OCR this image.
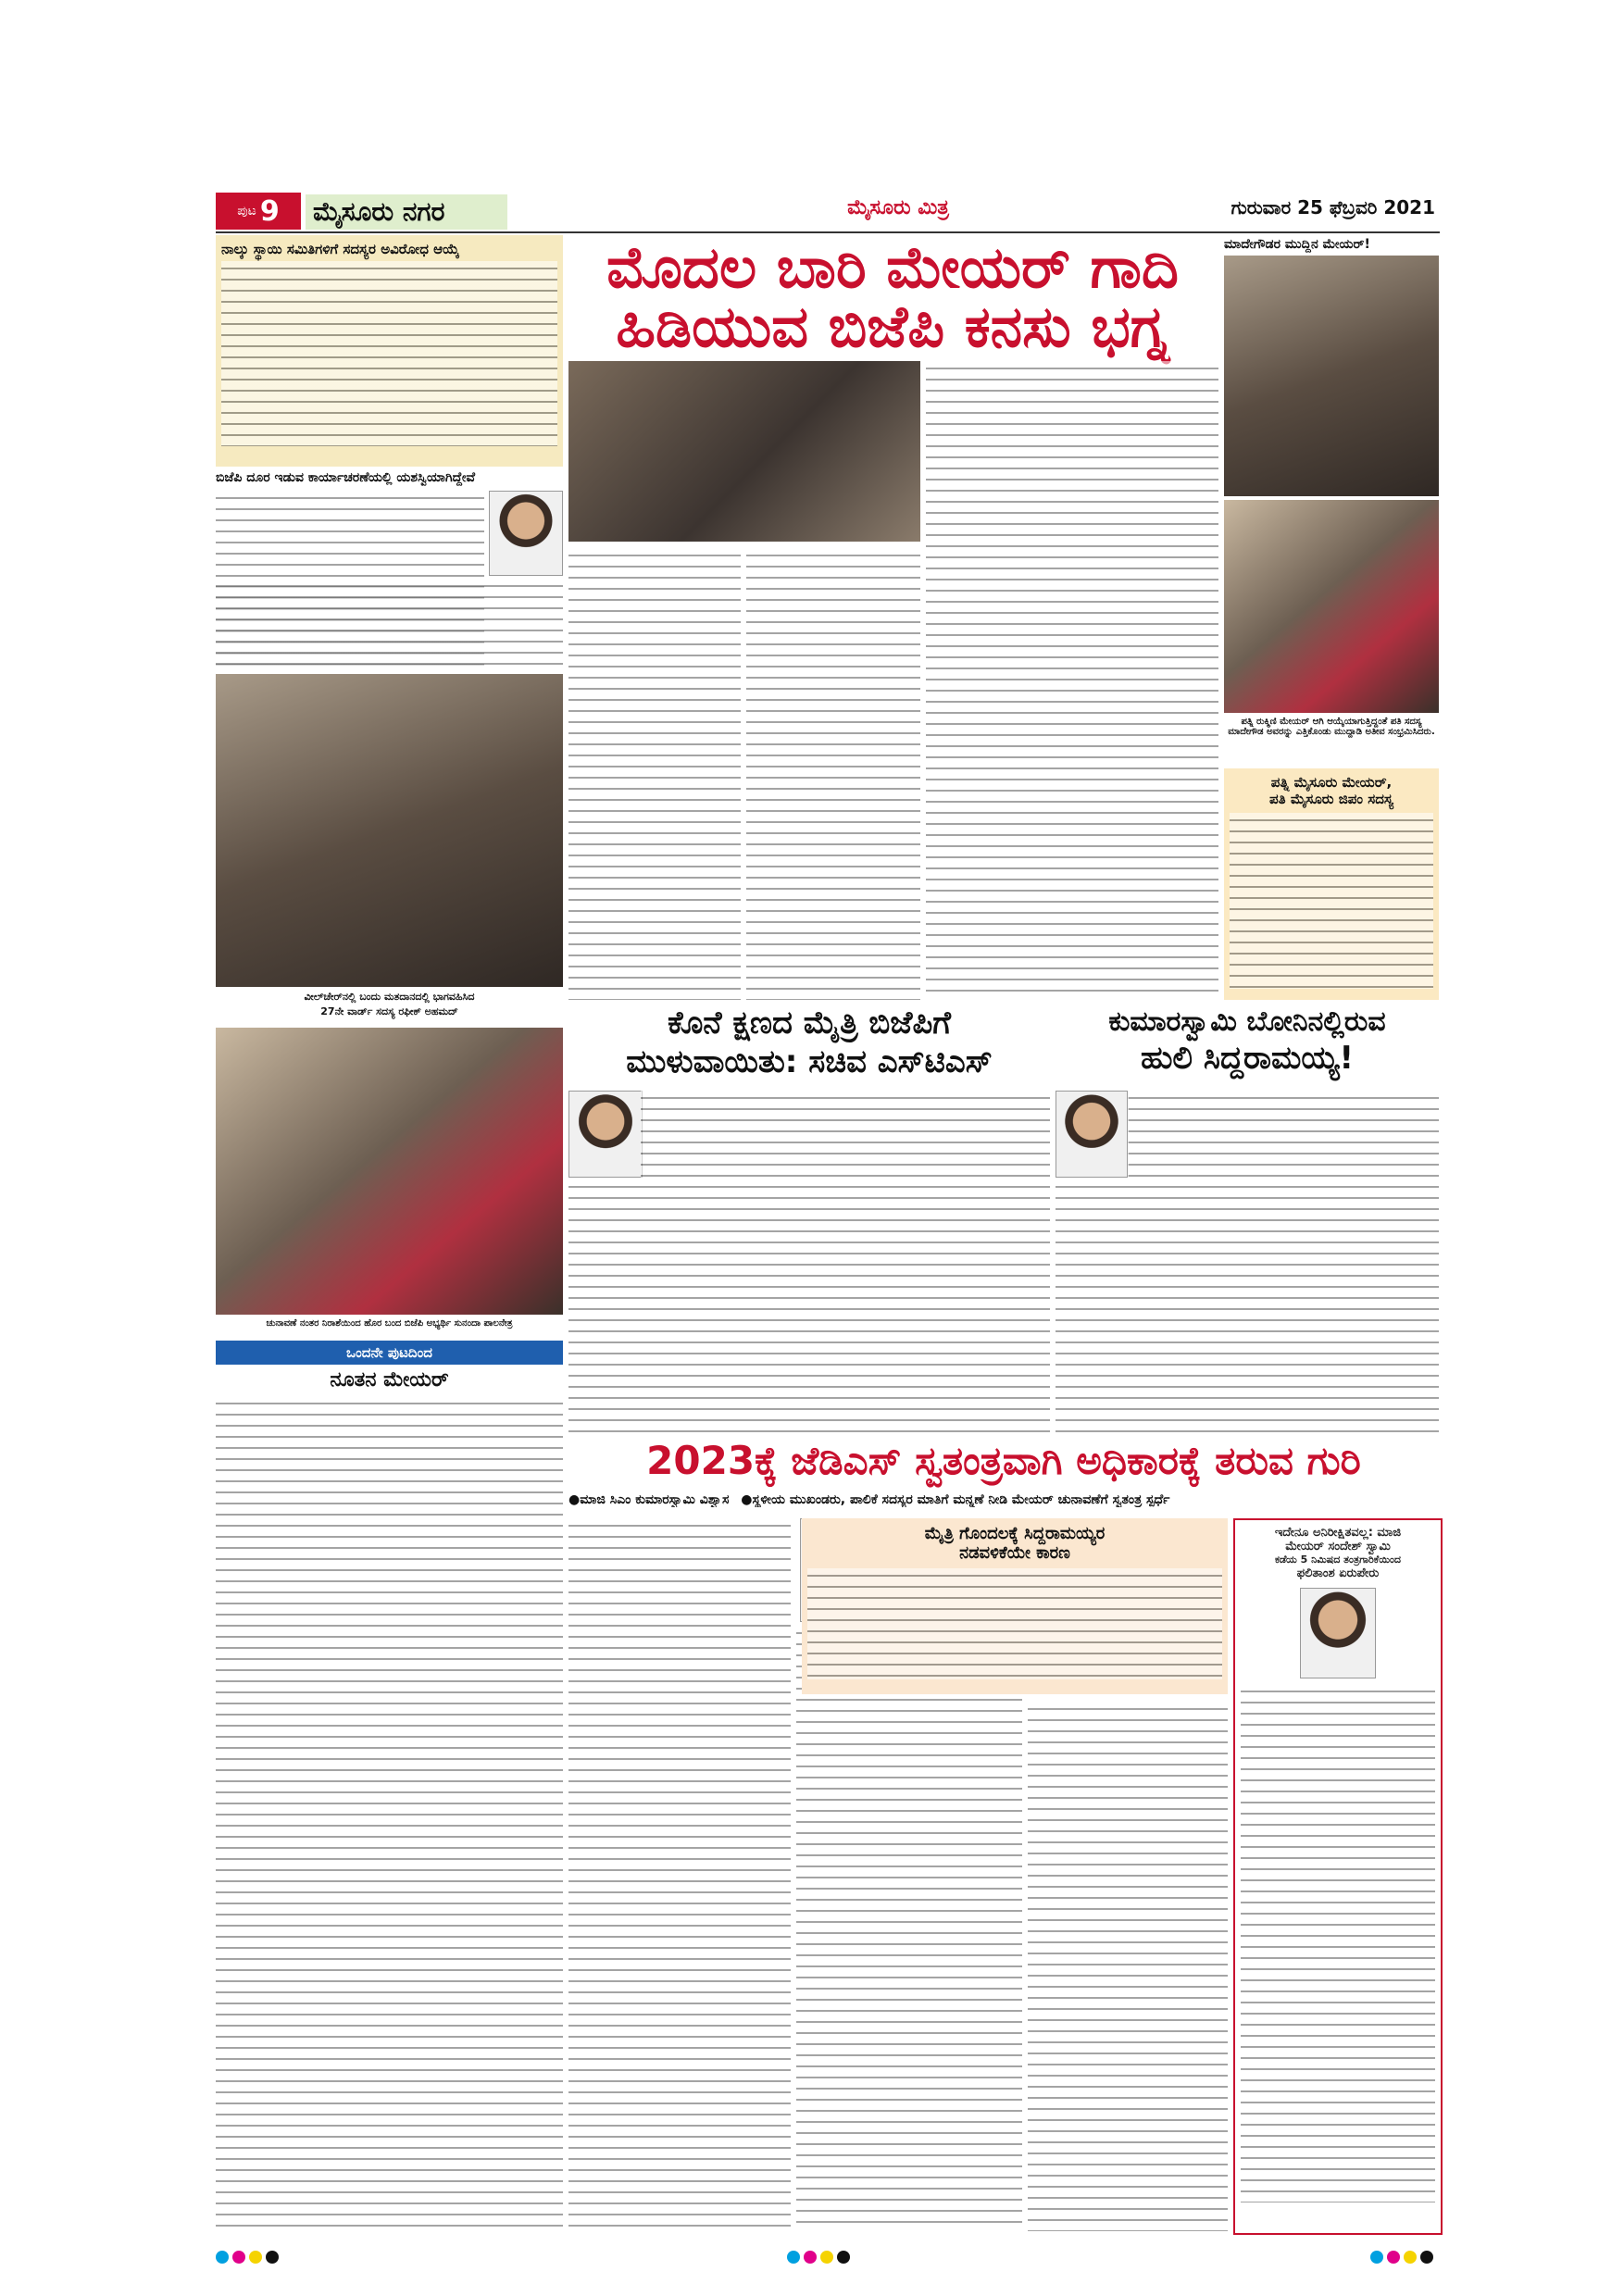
ಪುಟ 9 ಮೈಸೂರು ನಗರ	ಮೈಸೂರು ಮಿತ್ರ	ಗುರುವಾರ 25 ಫೆಬ್ರವರಿ 2021
ನಾಲ್ಕು ಸ್ಥಾಯಿ ಸಮಿತಿಗಳಿಗೆ ಸದಸ್ಯರ ಅವಿರೋಧ ಆಯ್ಕೆ
ಬಿಜೆಪಿ ದೂರ ಇಡುವ ಕಾರ್ಯಾಚರಣೆಯಲ್ಲಿ ಯಶಸ್ವಿಯಾಗಿದ್ದೇವೆ
ವೀಲ್‌ಚೇರ್‌ನಲ್ಲಿ ಬಂದು ಮತದಾನದಲ್ಲಿ ಭಾಗವಹಿಸಿದ
27ನೇ ವಾರ್ಡ್ ಸದಸ್ಯ ರಫೀಕ್ ಅಹಮದ್
ಚುನಾವಣೆ ನಂತರ ನಿರಾಶೆಯಿಂದ ಹೊರ ಬಂದ ಬಿಜೆಪಿ ಅಭ್ಯರ್ಥಿ ಸುನಂದಾ ಪಾಲನೇತ್ರ
ಒಂದನೇ ಪುಟದಿಂದ
ನೂತನ ಮೇಯರ್
ಮೊದಲ ಬಾರಿ ಮೇಯರ್ ಗಾದಿ
ಹಿಡಿಯುವ ಬಿಜೆಪಿ ಕನಸು ಭಗ್ನ
ಮಾದೇಗೌಡರ ಮುದ್ದಿನ ಮೇಯರ್!
ಪತ್ನಿ ರುಕ್ಮಿಣಿ ಮೇಯರ್ ಆಗಿ ಆಯ್ಕೆಯಾಗುತ್ತಿದ್ದಂತೆ ಪತಿ ಸದಸ್ಯ ಮಾದೇಗೌಡ ಅವರನ್ನು ಎತ್ತಿಕೊಂಡು ಮುದ್ದಾಡಿ ಅತೀವ ಸಂಭ್ರಮಿಸಿದರು.
ಪತ್ನಿ ಮೈಸೂರು ಮೇಯರ್,
ಪತಿ ಮೈಸೂರು ಜಿಪಂ ಸದಸ್ಯ
ಕೊನೆ ಕ್ಷಣದ ಮೈತ್ರಿ ಬಿಜೆಪಿಗೆ
ಮುಳುವಾಯಿತು: ಸಚಿವ ಎಸ್‌ಟಿಎಸ್
ಕುಮಾರಸ್ವಾಮಿ ಬೋನಿನಲ್ಲಿರುವ
ಹುಲಿ ಸಿದ್ದರಾಮಯ್ಯ!
2023ಕ್ಕೆ ಜೆಡಿಎಸ್ ಸ್ವತಂತ್ರವಾಗಿ ಅಧಿಕಾರಕ್ಕೆ ತರುವ ಗುರಿ
●ಮಾಜಿ ಸಿಎಂ ಕುಮಾರಸ್ವಾಮಿ ವಿಶ್ವಾಸ ●ಸ್ಥಳೀಯ ಮುಖಂಡರು, ಪಾಲಿಕೆ ಸದಸ್ಯರ ಮಾತಿಗೆ ಮನ್ನಣೆ ನೀಡಿ ಮೇಯರ್ ಚುನಾವಣೆಗೆ ಸ್ವತಂತ್ರ ಸ್ಪರ್ಧೆ
ಮೈತ್ರಿ ಗೊಂದಲಕ್ಕೆ ಸಿದ್ದರಾಮಯ್ಯರ
ನಡವಳಿಕೆಯೇ ಕಾರಣ
ಇದೇನೂ ಅನಿರೀಕ್ಷಿತವಲ್ಲ: ಮಾಜಿ
ಮೇಯರ್ ಸಂದೇಶ್ ಸ್ವಾಮಿ
ಕಡೆಯ 5 ನಿಮಿಷದ ತಂತ್ರಗಾರಿಕೆಯಿಂದ
ಫಲಿತಾಂಶ ಏರುಪೇರು
